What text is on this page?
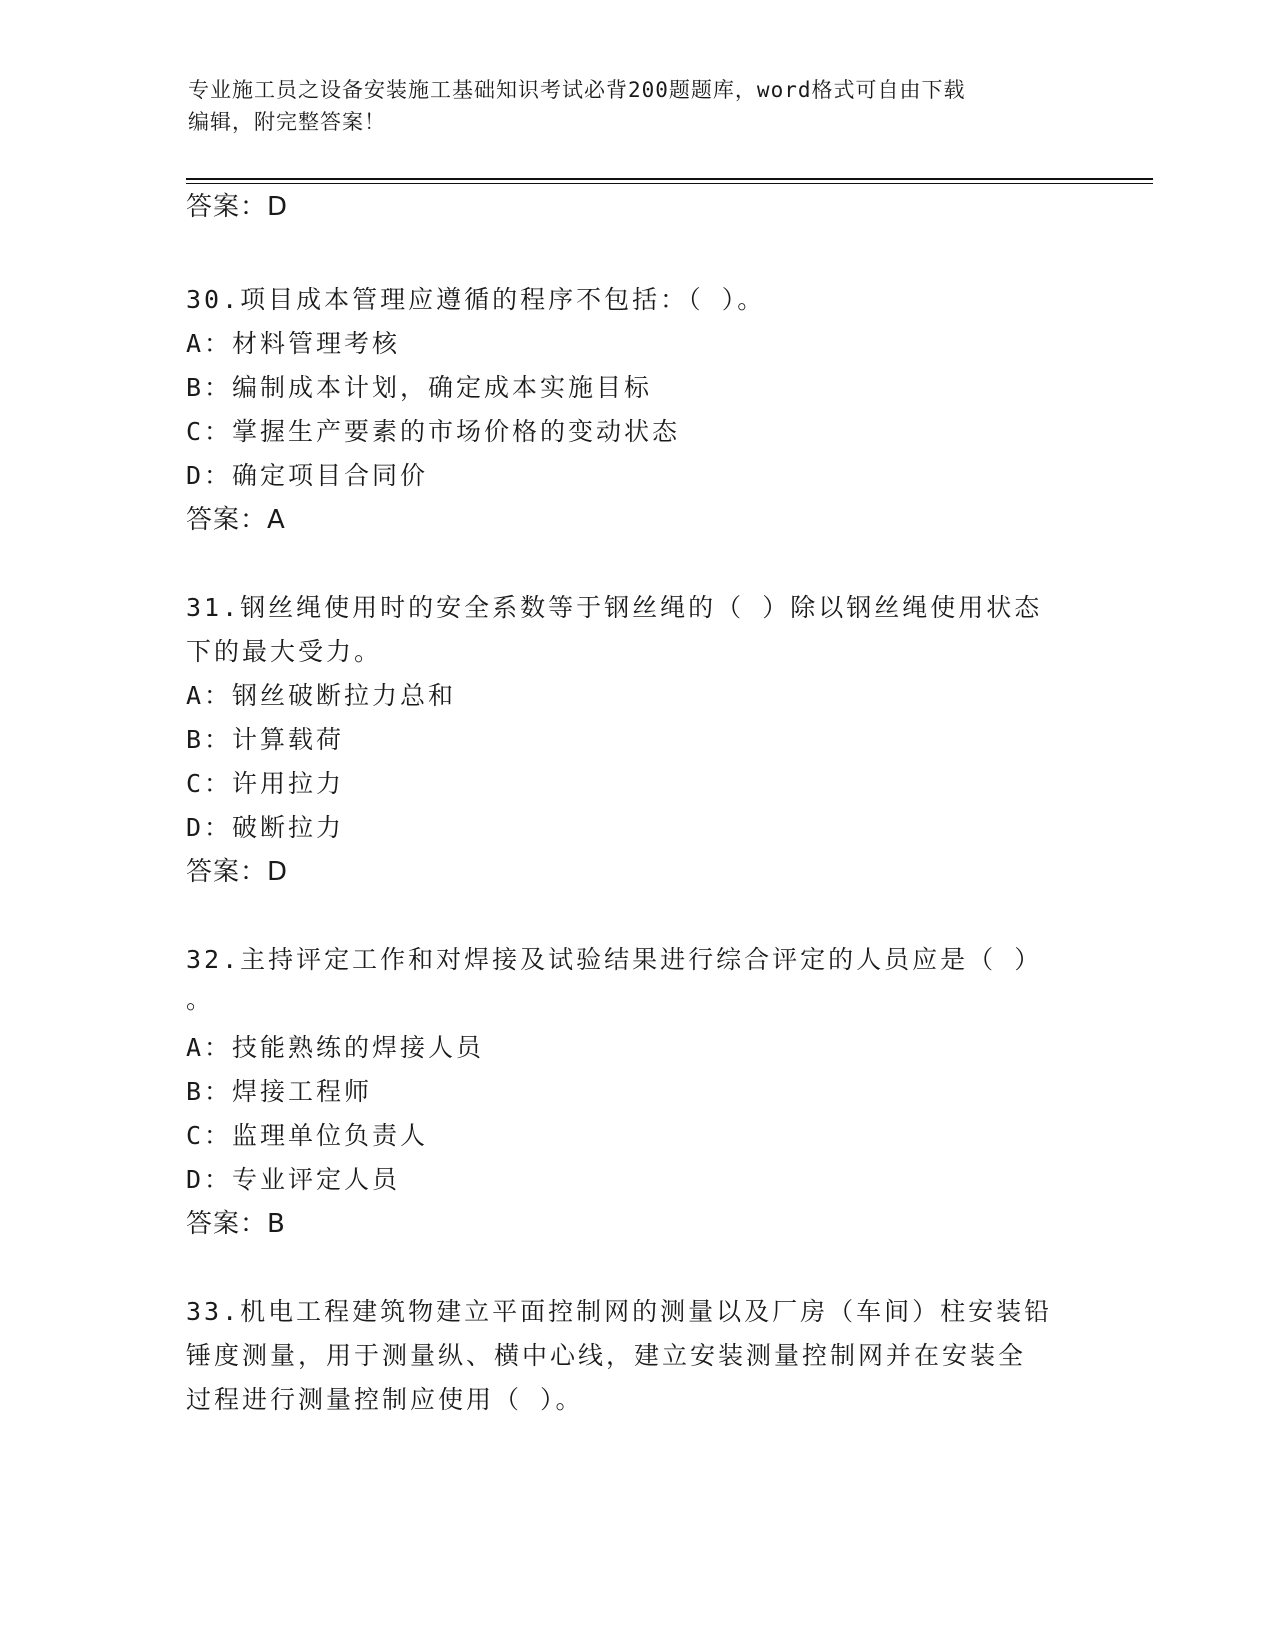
专业施工员之设备安装施工基础知识考试必背200题题库，word格式可自由下载
编辑，附完整答案！
答案：D
30.项目成本管理应遵循的程序不包括：（ ）。
A：材料管理考核
B：编制成本计划，确定成本实施目标
C：掌握生产要素的市场价格的变动状态
D：确定项目合同价
答案：A
31.钢丝绳使用时的安全系数等于钢丝绳的（ ）除以钢丝绳使用状态
下的最大受力。
A：钢丝破断拉力总和
B：计算载荷
C：许用拉力
D：破断拉力
答案：D
32.主持评定工作和对焊接及试验结果进行综合评定的人员应是（ ）
。
A：技能熟练的焊接人员
B：焊接工程师
C：监理单位负责人
D：专业评定人员
答案：B
33.机电工程建筑物建立平面控制网的测量以及厂房（车间）柱安装铅
锤度测量，用于测量纵、横中心线，建立安装测量控制网并在安装全
过程进行测量控制应使用（ ）。
